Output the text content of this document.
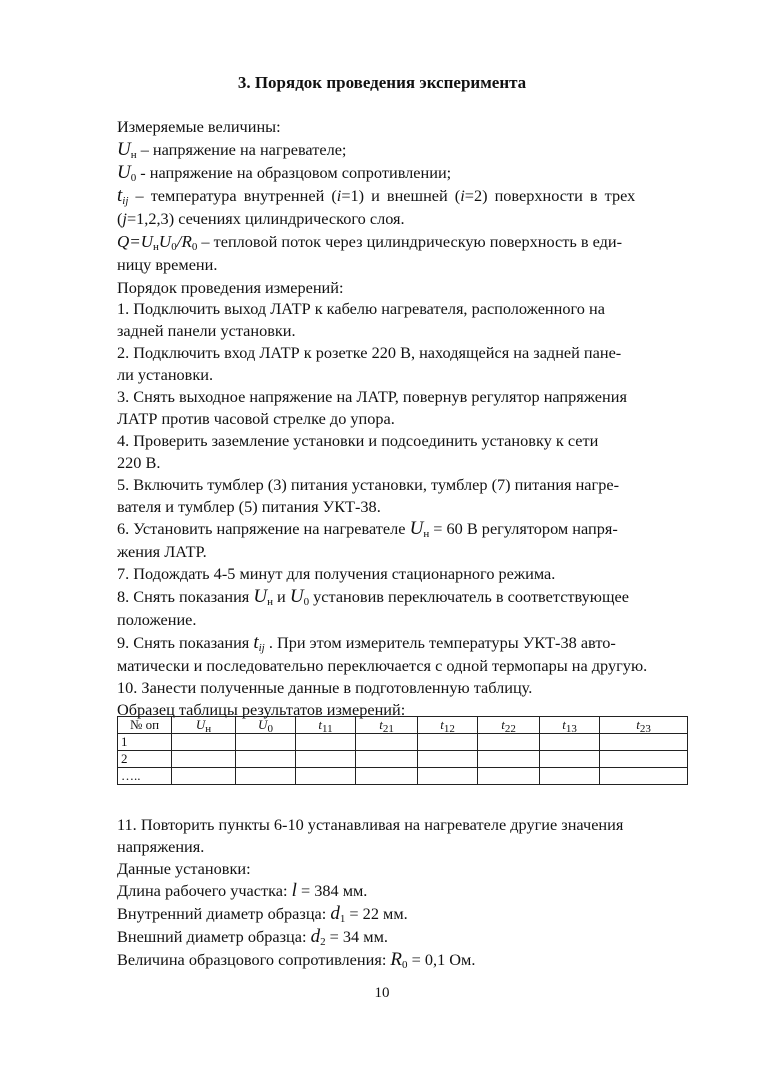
3. Порядок проведения эксперимента
Измеряемые величины:
$U_н$ – напряжение на нагревателе;
$U_0$ - напряжение на образцовом сопротивлении;
$t_{ij}$ – температура внутренней (i=1) и внешней (i=2) поверхности в трех
(j=1,2,3) сечениях цилиндрического слоя.
$Q=U_нU_0/R_0$ – тепловой поток через цилиндрическую поверхность в еди-
ницу времени.
Порядок проведения измерений:
1. Подключить выход ЛАТР к кабелю нагревателя, расположенного на
задней панели установки.
2. Подключить вход ЛАТР к розетке 220 В, находящейся на задней пане-
ли установки.
3. Снять выходное напряжение на ЛАТР, повернув регулятор напряжения
ЛАТР против часовой стрелке до упора.
4. Проверить заземление установки и подсоединить установку к сети
220 В.
5. Включить тумблер (3) питания установки, тумблер (7) питания нагре-
вателя и тумблер (5) питания УКТ-38.
6. Установить напряжение на нагревателе $U_н = 60$ В регулятором напря-
жения ЛАТР.
7. Подождать 4-5 минут для получения стационарного режима.
8. Снять показания $U_н$ и $U_0$ установив переключатель в соответствующее
положение.
9. Снять показания $t_{ij}$ . При этом измеритель температуры УКТ-38 авто-
матически и последовательно переключается с одной термопары на другую.
10. Занести полученные данные в подготовленную таблицу.
Образец таблицы результатов измерений:
№ оп	$U_н$	$U_0$	$t_{11}$	$t_{21}$	$t_{12}$	$t_{22}$	$t_{13}$	$t_{23}$
1								
2								
…..								
11. Повторить пункты 6-10 устанавливая на нагревателе другие значения
напряжения.
Данные установки:
Длина рабочего участка: l = 384 мм.
Внутренний диаметр образца: $d_1 = 22$ мм.
Внешний диаметр образца: $d_2 = 34$ мм.
Величина образцового сопротивления: $R_0 = 0,1$ Ом.
10
